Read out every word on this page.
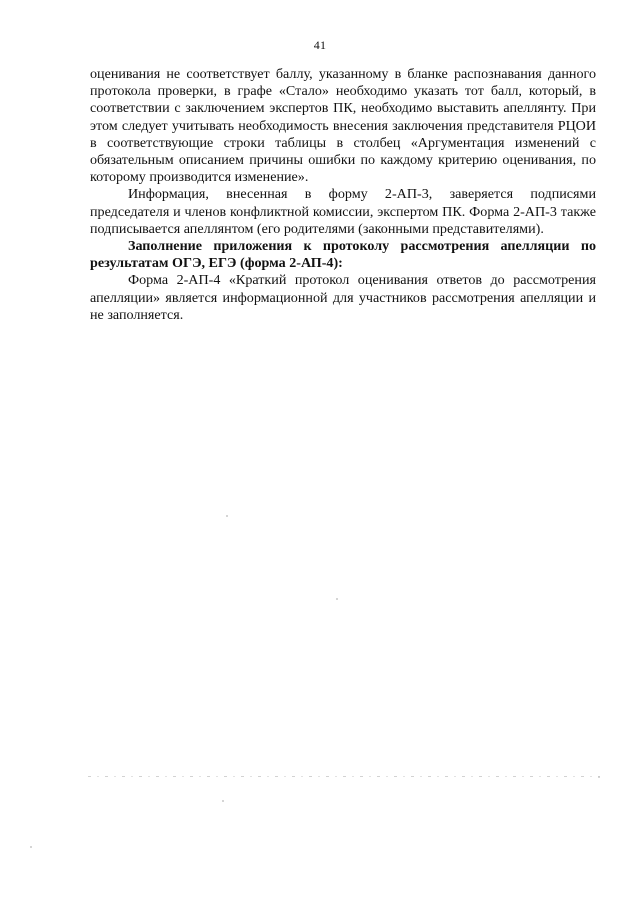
41

оценивания не соответствует баллу, указанному в бланке распознавания данного протокола проверки, в графе «Стало» необходимо указать тот балл, который, в соответствии с заключением экспертов ПК, необходимо выставить апеллянту. При этом следует учитывать необходимость внесения заключения представителя РЦОИ в соответствующие строки таблицы в столбец «Аргументация изменений с обязательным описанием причины ошибки по каждому критерию оценивания, по которому производится изменение».

Информация, внесенная в форму 2-АП-3, заверяется подписями председателя и членов конфликтной комиссии, экспертом ПК. Форма 2-АП-3 также подписывается апеллянтом (его родителями (законными представителями).

Заполнение приложения к протоколу рассмотрения апелляции по результатам ОГЭ, ЕГЭ (форма 2-АП-4):

Форма 2-АП-4 «Краткий протокол оценивания ответов до рассмотрения апелляции» является информационной для участников рассмотрения апелляции и не заполняется.
